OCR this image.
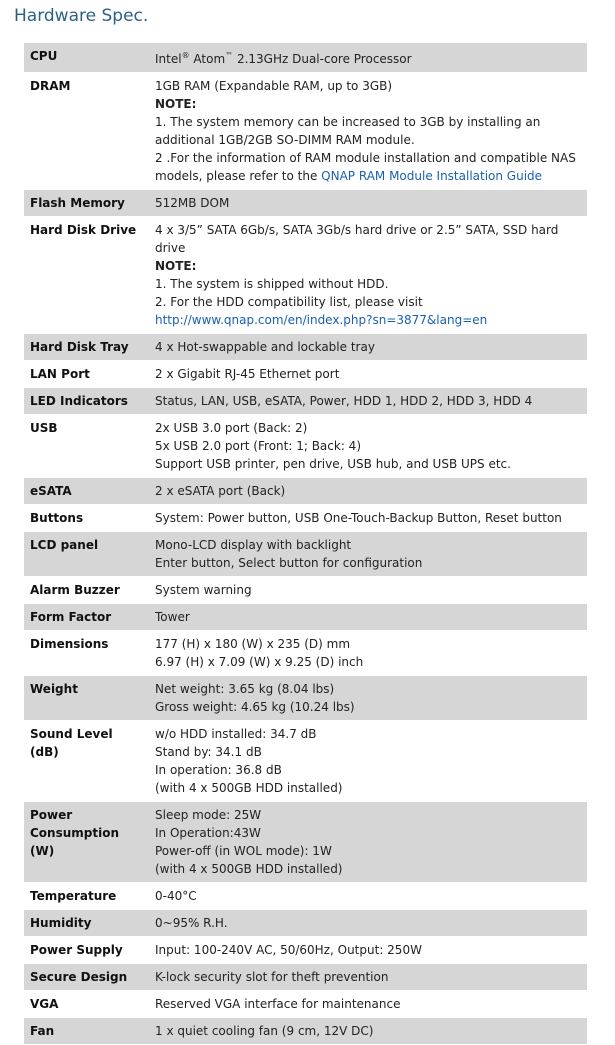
Hardware Spec.
CPU	Intel® Atom™ 2.13GHz Dual-core Processor
DRAM	1GB RAM (Expandable RAM, up to 3GB)
NOTE:
1. The system memory can be increased to 3GB by installing an additional 1GB/2GB SO-DIMM RAM module.
2 .For the information of RAM module installation and compatible NAS models, please refer to the QNAP RAM Module Installation Guide

Flash Memory	512MB DOM
Hard Disk Drive	4 x 3/5” SATA 6Gb/s, SATA 3Gb/s hard drive or 2.5” SATA, SSD hard drive
NOTE:
1. The system is shipped without HDD.
2. For the HDD compatibility list, please visit
http://www.qnap.com/en/index.php?sn=3877&lang=en

Hard Disk Tray	4 x Hot-swappable and lockable tray
LAN Port	2 x Gigabit RJ-45 Ethernet port
LED Indicators	Status, LAN, USB, eSATA, Power, HDD 1, HDD 2, HDD 3, HDD 4
USB	2x USB 3.0 port (Back: 2)
5x USB 2.0 port (Front: 1; Back: 4)
Support USB printer, pen drive, USB hub, and USB UPS etc.

eSATA	2 x eSATA port (Back)
Buttons	System: Power button, USB One-Touch-Backup Button, Reset button
LCD panel	Mono-LCD display with backlight
Enter button, Select button for configuration

Alarm Buzzer	System warning
Form Factor	Tower
Dimensions	177 (H) x 180 (W) x 235 (D) mm
6.97 (H) x 7.09 (W) x 9.25 (D) inch

Weight	Net weight: 3.65 kg (8.04 lbs)
Gross weight: 4.65 kg (10.24 lbs)

Sound Level
(dB)	w/o HDD installed: 34.7 dB
Stand by: 34.1 dB
In operation: 36.8 dB
(with 4 x 500GB HDD installed)

Power
Consumption
(W)	Sleep mode: 25W
In Operation:43W
Power-off (in WOL mode): 1W
(with 4 x 500GB HDD installed)

Temperature	0-40°C
Humidity	0~95% R.H.
Power Supply	Input: 100-240V AC, 50/60Hz, Output: 250W
Secure Design	K-lock security slot for theft prevention
VGA	Reserved VGA interface for maintenance
Fan	1 x quiet cooling fan (9 cm, 12V DC)
